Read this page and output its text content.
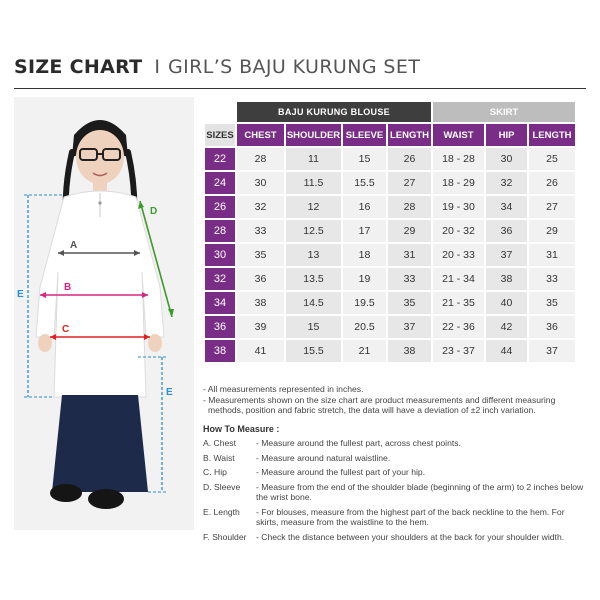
SIZE CHART I GIRL’S BAJU KURUNG SET
A
B
C
D
E
E
	BAJU KURUNG BLOUSE				SKIRT		
SIZES	CHEST	SHOULDER	SLEEVE	LENGTH	WAIST	HIP	LENGTH
22	28	11	15	26	18 - 28	30	25
24	30	11.5	15.5	27	18 - 29	32	26
26	32	12	16	28	19 - 30	34	27
28	33	12.5	17	29	20 - 32	36	29
30	35	13	18	31	20 - 33	37	31
32	36	13.5	19	33	21 - 34	38	33
34	38	14.5	19.5	35	21 - 35	40	35
36	39	15	20.5	37	22 - 36	42	36
38	41	15.5	21	38	23 - 37	44	37

- All measurements represented in inches.

- Measurements shown on the size chart are product measurements and different measuring methods, position and fabric stretch, the data will have a deviation of ±2 inch variation.

How To Measure :
A. Chest	- Measure around the fullest part, across chest points.
B. Waist	- Measure around natural waistline.
C. Hip	- Measure around the fullest part of your hip.
D. Sleeve	- Measure from the end of the shoulder blade (beginning of the arm) to 2 inches below the wrist bone.
E. Length	- For blouses, measure from the highest part of the back neckline to the hem. For skirts, measure from the waistline to the hem.
F. Shoulder	- Check the distance between your shoulders at the back for your shoulder width.
